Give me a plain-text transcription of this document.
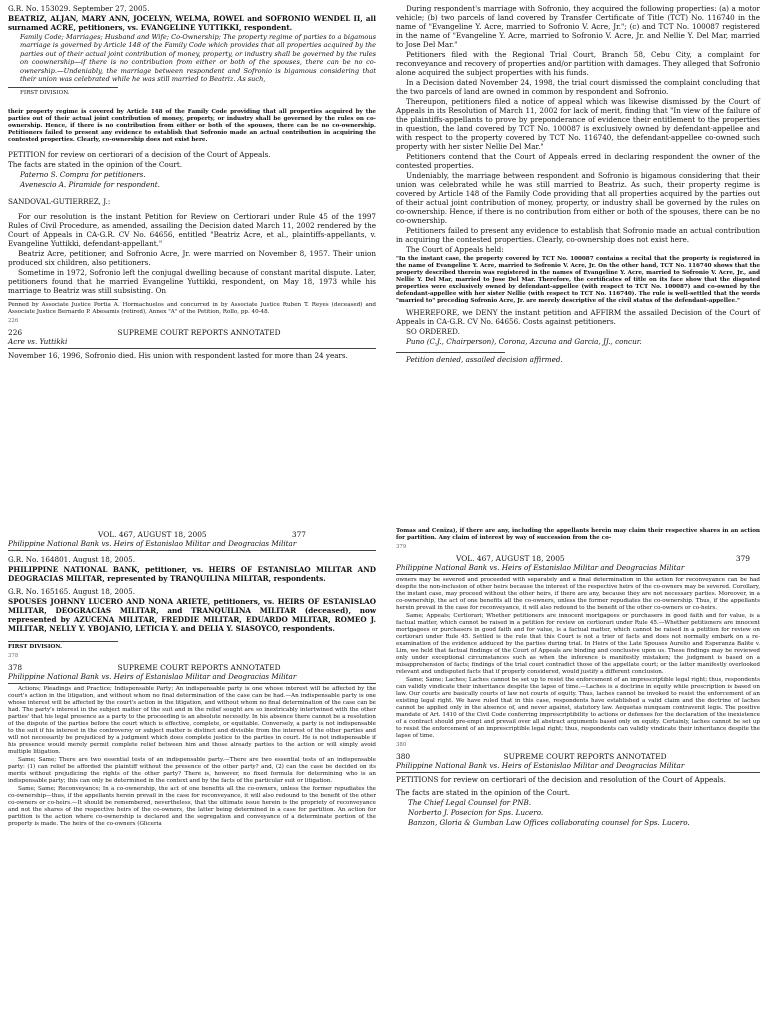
G.R. No. 153029. September 27, 2005.

BEATRIZ, ALJAN, MARY ANN, JOCELYN, WELMA, ROWEL and SOFRONIO WENDEL II, all surnamed ACRE, petitioners, vs. EVANGELINE YUTTIKKI, respondent.

Family Code; Marriages; Husband and Wife; Co-Ownership; The property regime of parties to a bigamous marriage is governed by Article 148 of the Family Code which provides that all properties acquired by the parties out of their actual joint contribution of money, property, or industry shall be governed by the rules on coownership—if there is no contribution from either or both of the spouses, there can be no co-ownership.—Undeniably, the marriage between respondent and Sofronio is bigamous considering that their union was celebrated while he was still married to Beatriz. As such,

FIRST DIVISION.

their property regime is covered by Article 148 of the Family Code providing that all properties acquired by the parties out of their actual joint contribution of money, property, or industry shall be governed by the rules on co-ownership. Hence, if there is no contribution from either or both of the spouses, there can be no co-ownership. Petitioners failed to present any evidence to establish that Sofronio made an actual contribution in acquiring the contested properties. Clearly, co-ownership does not exist here.

PETITION for review on certiorari of a decision of the Court of Appeals.

The facts are stated in the opinion of the Court.

Paterno S. Compra for petitioners.

Avenescio A. Piramide for respondent.

SANDOVAL-GUTIERREZ, J.:

For our resolution is the instant Petition for Review on Certiorari under Rule 45 of the 1997 Rules of Civil Procedure, as amended, assailing the Decision dated March 11, 2002 rendered by the Court of Appeals in CA-G.R. CV No. 64656, entitled "Beatriz Acre, et al., plaintiffs-appellants, v. Evangeline Yuttikki, defendant-appellant."

Beatriz Acre, petitioner, and Sofronio Acre, Jr. were married on November 8, 1957. Their union produced six children, also petitioners.

Sometime in 1972, Sofronio left the conjugal dwelling because of constant marital dispute. Later, petitioners found that he married Evangeline Yuttikki, respondent, on May 18, 1973 while his marriage to Beatriz was still subsisting. On

Penned by Associate Justice Portia A. Hormachuelos and concurred in by Associate Justice Ruben T. Reyes (deceased) and Associate Justice Bernardo P. Abesamis (retired), Annex "A" of the Petition, Rollo, pp. 40-48.

226

226	SUPREME COURT REPORTS ANNOTATED

Acre vs. Yuttikki

November 16, 1996, Sofronio died. His union with respondent lasted for more than 24 years.

During respondent's marriage with Sofronio, they acquired the following properties: (a) a motor vehicle; (b) two parcels of land covered by Transfer Certificate of Title (TCT) No. 116740 in the name of "Evangeline Y. Acre, married to Sofronio V. Acre, Jr."; (c) and TCT No. 100087 registered in the name of "Evangeline Y. Acre, married to Sofronio V. Acre, Jr. and Nellie Y. Del Mar, married to Jose Del Mar."

Petitioners filed with the Regional Trial Court, Branch 58, Cebu City, a complaint for reconveyance and recovery of properties and/or partition with damages. They alleged that Sofronio alone acquired the subject properties with his funds.

In a Decision dated November 24, 1998, the trial court dismissed the complaint concluding that the two parcels of land are owned in common by respondent and Sofronio.

Thereupon, petitioners filed a notice of appeal which was likewise dismissed by the Court of Appeals in its Resolution of March 11, 2002 for lack of merit, finding that "In view of the failure of the plaintiffs-appellants to prove by preponderance of evidence their entitlement to the properties in question, the land covered by TCT No. 100087 is exclusively owned by defendant-appellee and with respect to the property covered by TCT No. 116740, the defendant-appellee co-owned such property with her sister Nellie Del Mar."

Petitioners contend that the Court of Appeals erred in declaring respondent the owner of the contested properties.

Undeniably, the marriage between respondent and Sofronio is bigamous considering that their union was celebrated while he was still married to Beatriz. As such, their property regime is covered by Article 148 of the Family Code providing that all properties acquired by the parties out of their actual joint contribution of money, property, or industry shall be governed by the rules on co-ownership. Hence, if there is no contribution from either or both of the spouses, there can be no co-ownership.

Petitioners failed to present any evidence to establish that Sofronio made an actual contribution in acquiring the contested properties. Clearly, co-ownership does not exist here.

The Court of Appeals held:

"In the instant case, the property covered by TCT No. 100087 contains a recital that the property is registered in the name of Evangeline Y. Acre, married to Sofronio V. Acre, Jr. On the other hand, TCT No. 116740 shows that the property described therein was registered in the names of Evangeline Y. Acre, married to Sofronio V. Acre, Jr., and Nellie Y. Del Mar, married to Jose Del Mar. Therefore, the certificates of title on its face show that the disputed properties were exclusively owned by defendant-appellee (with respect to TCT No. 100087) and co-owned by the defendant-appellee with her sister Nellie (with respect to TCT No. 116740). The rule is well-settled that the words "married to" preceding Sofronio Acre, Jr. are merely descriptive of the civil status of the defendant-appellee."

WHEREFORE, we DENY the instant petition and AFFIRM the assailed Decision of the Court of Appeals in CA-G.R. CV No. 64656. Costs against petitioners.

SO ORDERED.

Puno (C.J., Chairperson), Corona, Azcuna and Garcia, JJ., concur.

Petition denied, assailed decision affirmed.

VOL. 467, AUGUST 18, 2005	377

Philippine National Bank vs. Heirs of Estanislao Militar and Deogracias Militar

G.R. No. 164801. August 18, 2005.

PHILIPPINE NATIONAL BANK, petitioner, vs. HEIRS OF ESTANISLAO MILITAR AND DEOGRACIAS MILITAR, represented by TRANQUILINA MILITAR, respondents.

G.R. No. 165165. August 18, 2005.

SPOUSES JOHNNY LUCERO AND NONA ARIETE, petitioners, vs. HEIRS OF ESTANISLAO MILITAR, DEOGRACIAS MILITAR, and TRANQUILINA MILITAR (deceased), now represented by AZUCENA MILITAR, FREDDIE MILITAR, EDUARDO MILITAR, ROMEO J. MILITAR, NELLY Y. YBOJANIO, LETICIA Y. and DELIA Y. SIASOYCO, respondents.

FIRST DIVISION.

378

378	SUPREME COURT REPORTS ANNOTATED

Philippine National Bank vs. Heirs of Estanislao Militar and Deogracias Militar

Actions; Pleadings and Practice; Indispensable Party; An indispensable party is one whose interest will be affected by the court's action in the litigation, and without whom no final determination of the case can be had.—An indispensable party is one whose interest will be affected by the court's action in the litigation, and without whom no final determination of the case can be had. The party's interest in the subject matter of the suit and in the relief sought are so inextricably intertwined with the other parties' that his legal presence as a party to the proceeding is an absolute necessity. In his absence there cannot be a resolution of the dispute of the parties before the court which is effective, complete, or equitable. Conversely, a party is not indispensable to the suit if his interest in the controversy or subject matter is distinct and divisible from the interest of the other parties and will not necessarily be prejudiced by a judgment which does complete justice to the parties in court. He is not indispensable if his presence would merely permit complete relief between him and those already parties to the action or will simply avoid multiple litigation.

Same; Same; There are two essential tests of an indispensable party.—There are two essential tests of an indispensable party: (1) can relief be afforded the plaintiff without the presence of the other party? and, (2) can the case be decided on its merits without prejudicing the rights of the other party? There is, however, no fixed formula for determining who is an indispensable party; this can only be determined in the context and by the facts of the particular suit or litigation.

Same; Same; Reconveyance; In a co-ownership, the act of one benefits all the co-owners, unless the former repudiates the co-ownership—thus, if the appellants herein prevail in the case for reconveyance, it will also redound to the benefit of the other co-owners or co-heirs.—It should be remembered, nevertheless, that the ultimate issue herein is the propriety of reconveyance and not the shares of the respective heirs of the co-owners, the latter being determined in a case for partition. An action for partition is the action where co-ownership is declared and the segregation and conveyance of a determinate portion of the property is made. The heirs of the co-owners (Gliceria

Tomas and Ceniza), if there are any, including the appellants herein may claim their respective shares in an action for partition. Any claim of interest by way of succession from the co-

379

VOL. 467, AUGUST 18, 2005	379

Philippine National Bank vs. Heirs of Estanislao Militar and Deogracias Militar

owners may be severed and proceeded with separately and a final determination in the action for reconveyance can be had despite the non-inclusion of other heirs because the interest of the respective heirs of the co-owners may be severed. Corollary, the instant case, may proceed without the other heirs, if there are any, because they are not necessary parties. Moreover, in a co-ownership, the act of one benefits all the co-owners, unless the former repudiates the co-ownership. Thus, if the appellants herein prevail in the case for reconveyance, it will also redound to the benefit of the other co-owners or co-heirs.

Same; Appeals; Certiorari; Whether petitioners are innocent mortgagees or purchasers in good faith and for value, is a factual matter, which cannot be raised in a petition for review on certiorari under Rule 45.—Whether petitioners are innocent mortgagees or purchasers in good faith and for value, is a factual matter, which cannot be raised in a petition for review on certiorari under Rule 45. Settled is the rule that this Court is not a trier of facts and does not normally embark on a re-examination of the evidence adduced by the parties during trial. In Heirs of the Late Spouses Aurelio and Esperanza Balite v. Lim, we held that factual findings of the Court of Appeals are binding and conclusive upon us. These findings may be reviewed only under exceptional circumstances such as when the inference is manifestly mistaken; the judgment is based on a misapprehension of facts; findings of the trial court contradict those of the appellate court; or the latter manifestly overlooked relevant and undisputed facts that if properly considered, would justify a different conclusion.

Same; Same; Laches; Laches cannot be set up to resist the enforcement of an imprescriptible legal right; thus, respondents can validly vindicate their inheritance despite the lapse of time.—Laches is a doctrine in equity while prescription is based on law. Our courts are basically courts of law not courts of equity. Thus, laches cannot be invoked to resist the enforcement of an existing legal right. We have ruled that in this case, respondents have established a valid claim and the doctrine of laches cannot be applied only in the absence of, and never against, statutory law. Aequetas nunquam contravenit legis. The positive mandate of Art. 1410 of the Civil Code conferring imprescriptibility to actions or defenses for the declaration of the inexistence of a contract should pre-empt and prevail over all abstract arguments based only on equity. Certainly, laches cannot be set up to resist the enforcement of an imprescriptible legal right; thus, respondents can validly vindicate their inheritance despite the lapse of time.

380

380	SUPREME COURT REPORTS ANNOTATED

Philippine National Bank vs. Heirs of Estanislao Militar and Deogracias Militar

PETITIONS for review on certiorari of the decision and resolution of the Court of Appeals.

The facts are stated in the opinion of the Court.

The Chief Legal Counsel for PNB.

Norberto J. Posecion for Sps. Lucero.

Banzon, Gloria & Gumban Law Offices collaborating counsel for Sps. Lucero.
